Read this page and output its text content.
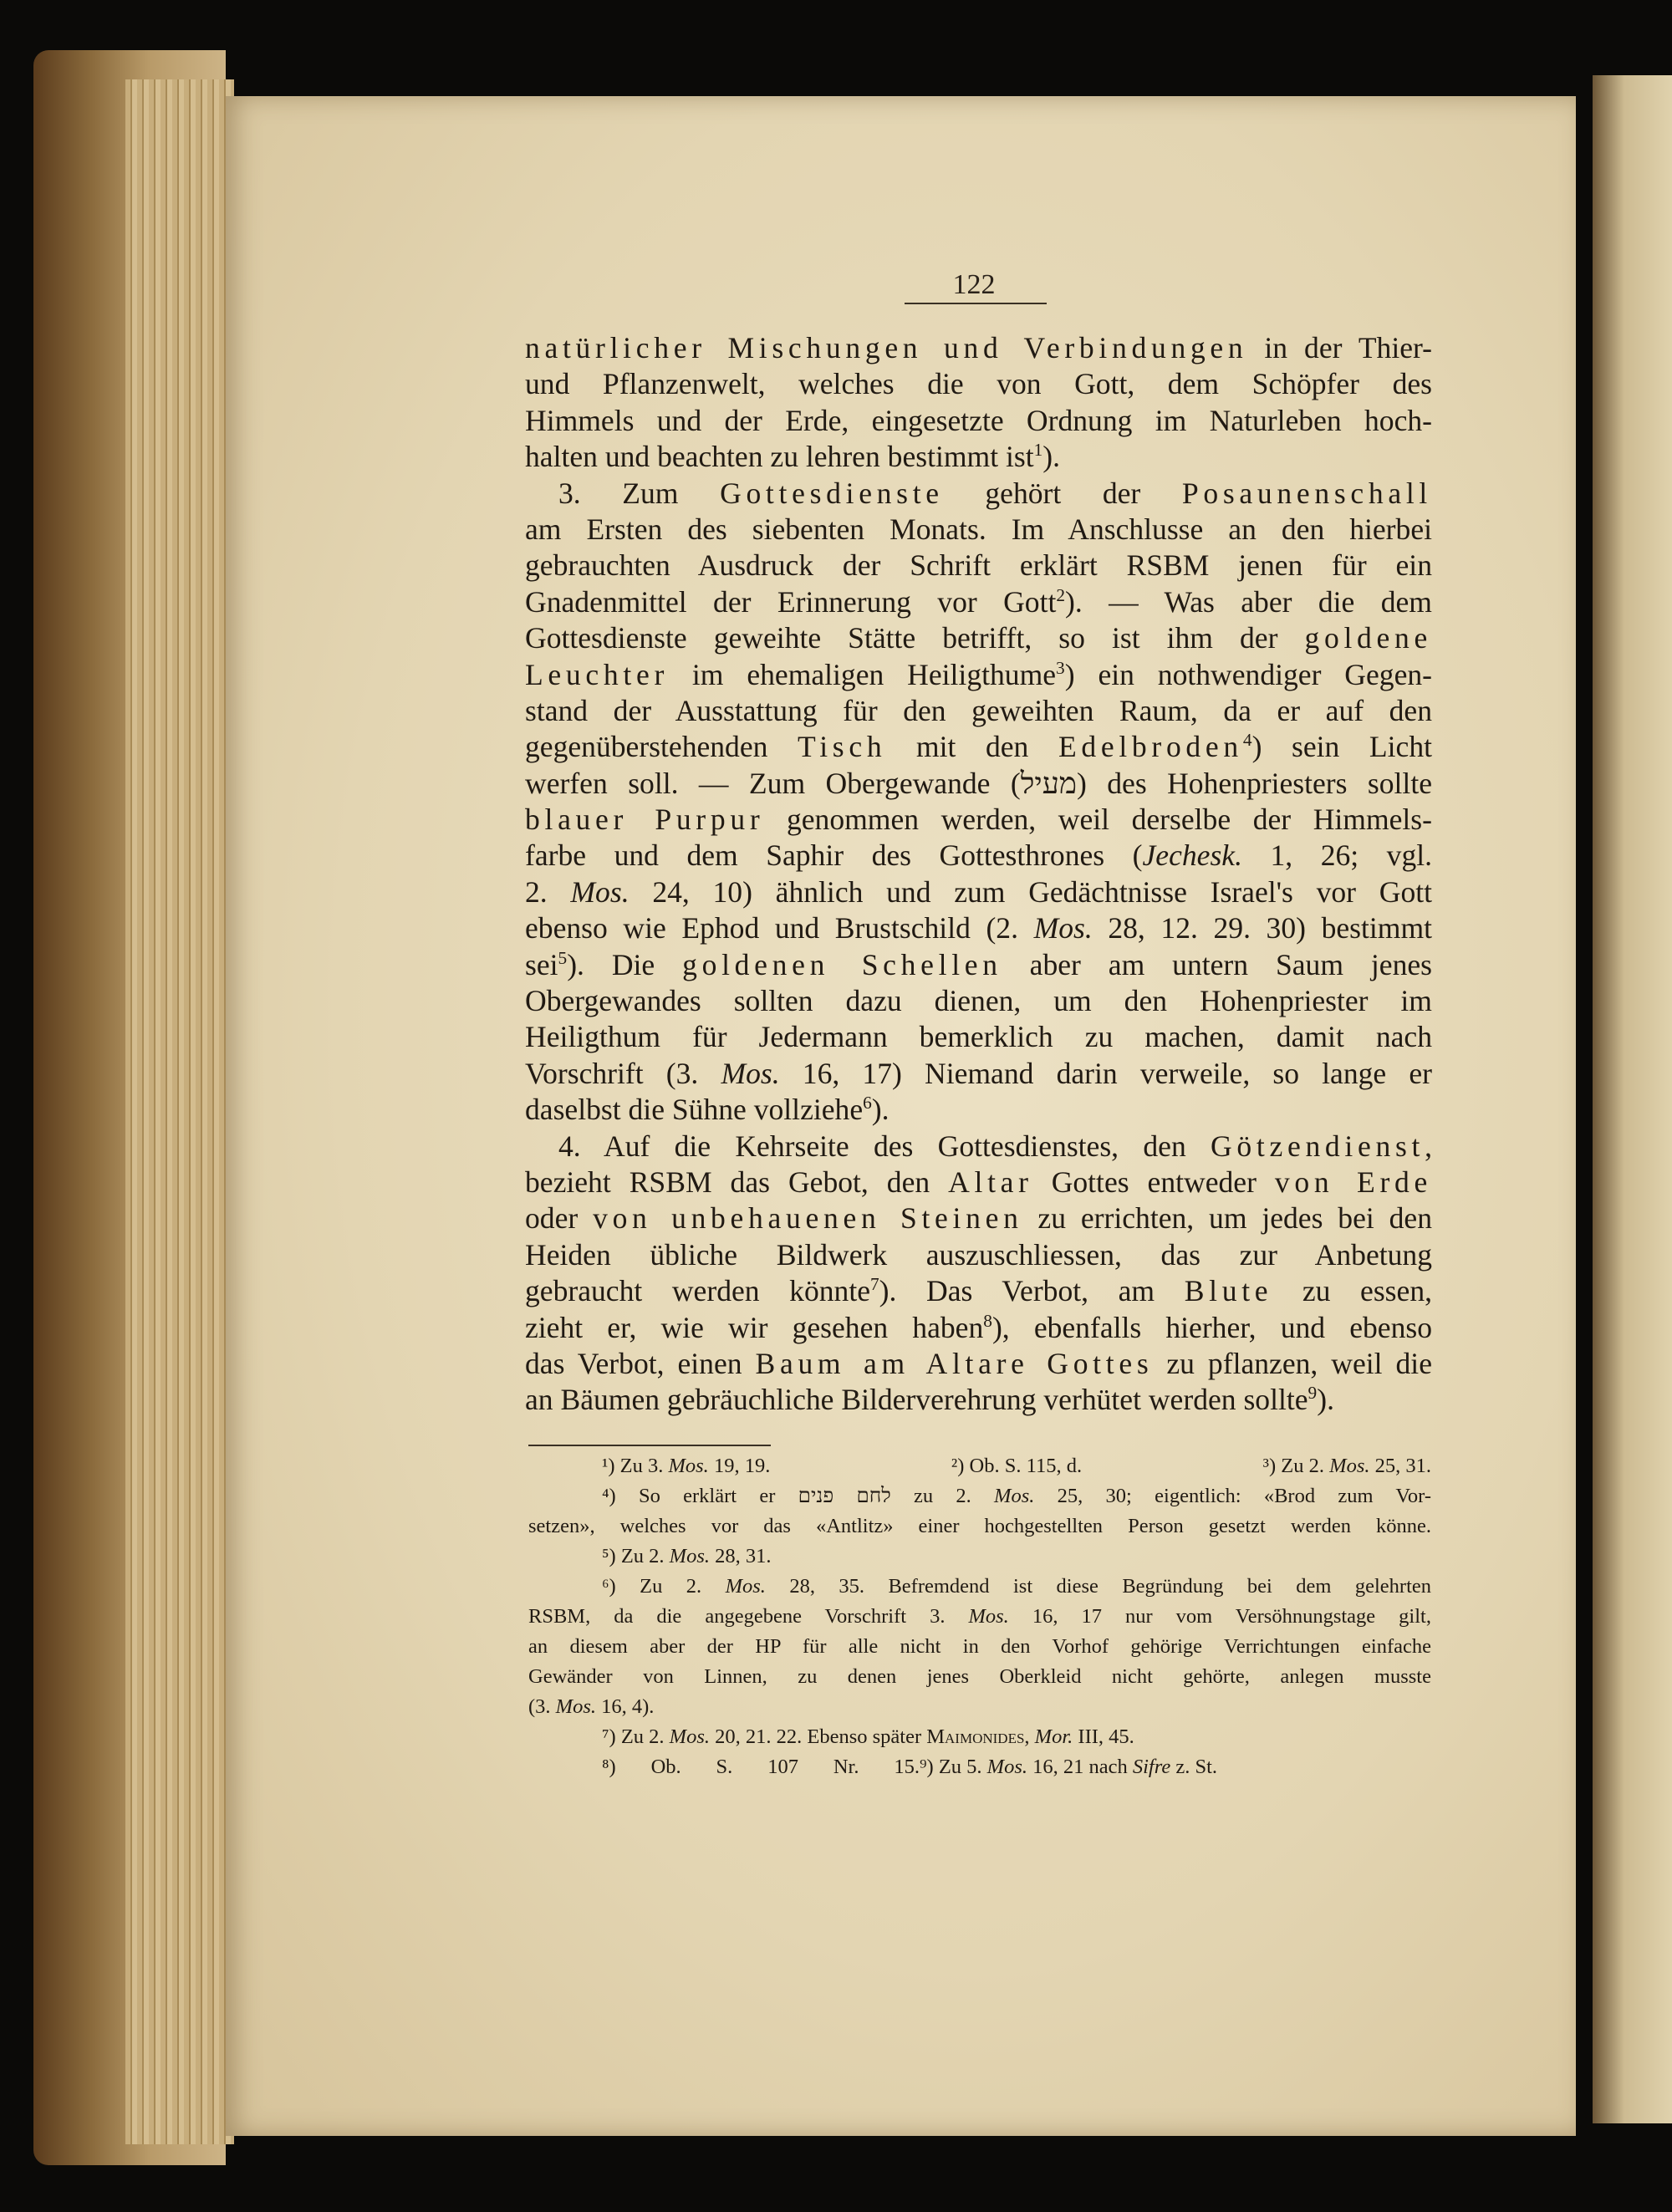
122
natürlicher Mischungen und Verbindungen in der Thier-
und Pflanzenwelt, welches die von Gott, dem Schöpfer des
Himmels und der Erde, eingesetzte Ordnung im Naturleben hoch-
halten und beachten zu lehren bestimmt ist$^1$).
3. Zum Gottesdienste gehört der Posaunenschall
am Ersten des siebenten Monats. Im Anschlusse an den hierbei
gebrauchten Ausdruck der Schrift erklärt RSBM jenen für ein
Gnadenmittel der Erinnerung vor Gott$^2$). — Was aber die dem
Gottesdienste geweihte Stätte betrifft, so ist ihm der goldene
Leuchter im ehemaligen Heiligthume$^3$) ein nothwendiger Gegen-
stand der Ausstattung für den geweihten Raum, da er auf den
gegenüberstehenden Tisch mit den Edelbroden$^4$) sein Licht
werfen soll. — Zum Obergewande (מעיל) des Hohenpriesters sollte
blauer Purpur genommen werden, weil derselbe der Himmels-
farbe und dem Saphir des Gottesthrones (Jechesk. 1, 26; vgl.
2. Mos. 24, 10) ähnlich und zum Gedächtnisse Israel's vor Gott
ebenso wie Ephod und Brustschild (2. Mos. 28, 12. 29. 30) bestimmt
sei$^5$). Die goldenen Schellen aber am untern Saum jenes
Obergewandes sollten dazu dienen, um den Hohenpriester im
Heiligthum für Jedermann bemerklich zu machen, damit nach
Vorschrift (3. Mos. 16, 17) Niemand darin verweile, so lange er
daselbst die Sühne vollziehe$^6$).
4. Auf die Kehrseite des Gottesdienstes, den Götzendienst,
bezieht RSBM das Gebot, den Altar Gottes entweder von Erde
oder von unbehauenen Steinen zu errichten, um jedes bei den
Heiden übliche Bildwerk auszuschliessen, das zur Anbetung
gebraucht werden könnte$^7$). Das Verbot, am Blute zu essen,
zieht er, wie wir gesehen haben$^8$), ebenfalls hierher, und ebenso
das Verbot, einen Baum am Altare Gottes zu pflanzen, weil die
an Bäumen gebräuchliche Bilderverehrung verhütet werden sollte$^9$).
¹) Zu 3. Mos. 19, 19.	²) Ob. S. 115, d.	³) Zu 2. Mos. 25, 31.
⁴) So erklärt er לחם פנים zu 2. Mos. 25, 30; eigentlich: «Brod zum Vor-
setzen», welches vor das «Antlitz» einer hochgestellten Person gesetzt werden könne.
⁵) Zu 2. Mos. 28, 31.
⁶) Zu 2. Mos. 28, 35. Befremdend ist diese Begründung bei dem gelehrten
RSBM, da die angegebene Vorschrift 3. Mos. 16, 17 nur vom Versöhnungstage gilt,
an diesem aber der HP für alle nicht in den Vorhof gehörige Verrichtungen einfache
Gewänder von Linnen, zu denen jenes Oberkleid nicht gehörte, anlegen musste
(3. Mos. 16, 4).
⁷) Zu 2. Mos. 20, 21. 22. Ebenso später Maimonides, Mor. III, 45.
⁸) Ob. S. 107 Nr. 15. ⁹) Zu 5. Mos. 16, 21 nach Sifre z. St.
